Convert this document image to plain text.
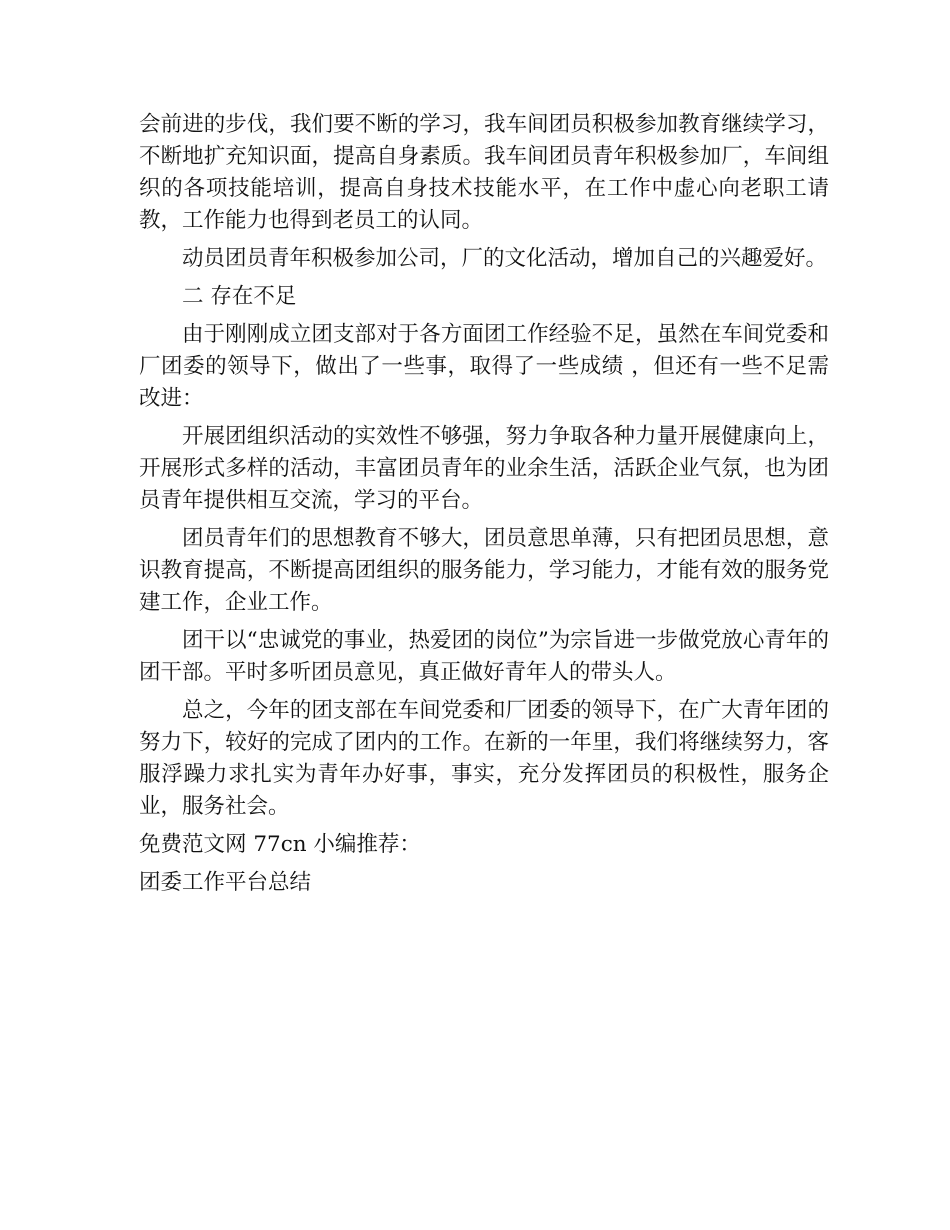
会前进的步伐，我们要不断的学习，我车间团员积极参加教育继续学习，不断地扩充知识面，提高自身素质。我车间团员青年积极参加厂，车间组织的各项技能培训，提高自身技术技能水平，在工作中虚心向老职工请教，工作能力也得到老员工的认同。

动员团员青年积极参加公司，厂的文化活动，增加自己的兴趣爱好。

二 存在不足

由于刚刚成立团支部对于各方面团工作经验不足，虽然在车间党委和厂团委的领导下，做出了一些事，取得了一些成绩 ，但还有一些不足需改进：

开展团组织活动的实效性不够强，努力争取各种力量开展健康向上，开展形式多样的活动，丰富团员青年的业余生活，活跃企业气氛，也为团员青年提供相互交流，学习的平台。

团员青年们的思想教育不够大，团员意思单薄，只有把团员思想，意识教育提高，不断提高团组织的服务能力，学习能力，才能有效的服务党建工作，企业工作。

团干以“忠诚党的事业，热爱团的岗位”为宗旨进一步做党放心青年的团干部。平时多听团员意见，真正做好青年人的带头人。

总之，今年的团支部在车间党委和厂团委的领导下，在广大青年团的努力下，较好的完成了团内的工作。在新的一年里，我们将继续努力，客服浮躁力求扎实为青年办好事，事实，充分发挥团员的积极性，服务企业，服务社会。

免费范文网 77cn 小编推荐：

团委工作平台总结
